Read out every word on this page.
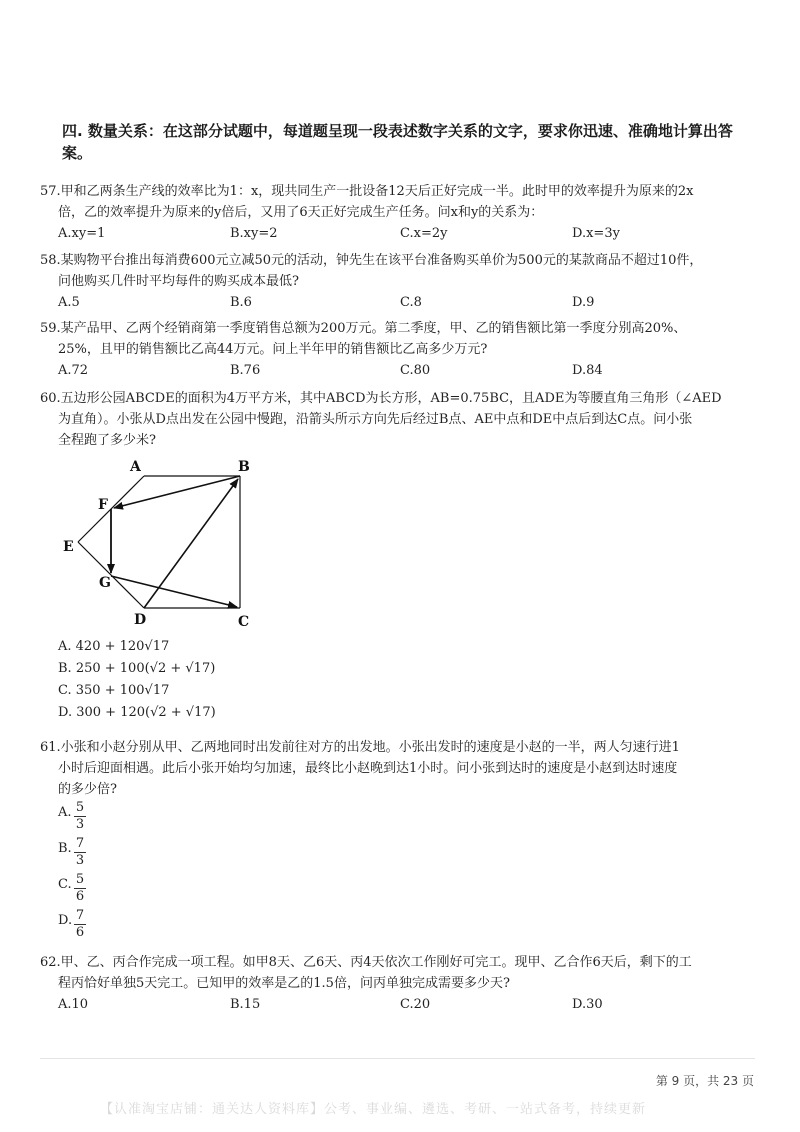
四. 数量关系：在这部分试题中，每道题呈现一段表述数字关系的文字，要求你迅速、准确地计算出答案。
57.甲和乙两条生产线的效率比为1：x，现共同生产一批设备12天后正好完成一半。此时甲的效率提升为原来的2x
倍，乙的效率提升为原来的y倍后，又用了6天正好完成生产任务。问x和y的关系为：
A.xy=1	B.xy=2	C.x=2y	D.x=3y
58.某购物平台推出每消费600元立减50元的活动，钟先生在该平台准备购买单价为500元的某款商品不超过10件，
问他购买几件时平均每件的购买成本最低?
A.5	B.6	C.8	D.9
59.某产品甲、乙两个经销商第一季度销售总额为200万元。第二季度，甲、乙的销售额比第一季度分别高20%、
25%，且甲的销售额比乙高44万元。问上半年甲的销售额比乙高多少万元?
A.72	B.76	C.80	D.84
60.五边形公园ABCDE的面积为4万平方米，其中ABCD为长方形，AB=0.75BC，且ADE为等腰直角三角形（∠AED
为直角）。小张从D点出发在公园中慢跑，沿箭头所示方向先后经过B点、AE中点和DE中点后到达C点。问小张
全程跑了多少米?
A	B
C
D
E
F
G
A. 420 + 120√17
B. 250 + 100(√2 + √17)
C. 350 + 100√17
D. 300 + 120(√2 + √17)
61.小张和小赵分别从甲、乙两地同时出发前往对方的出发地。小张出发时的速度是小赵的一半，两人匀速行进1
小时后迎面相遇。此后小张开始均匀加速，最终比小赵晚到达1小时。问小张到达时的速度是小赵到达时速度
的多少倍?
A. $\frac{5}{3}$
B. $\frac{7}{3}$
C. $\frac{5}{6}$
D. $\frac{7}{6}$
62.甲、乙、丙合作完成一项工程。如甲8天、乙6天、丙4天依次工作刚好可完工。现甲、乙合作6天后，剩下的工
程丙恰好单独5天完工。已知甲的效率是乙的1.5倍，问丙单独完成需要多少天?
A.10	B.15	C.20	D.30
第 9 页，共 23 页
【认准淘宝店铺：通关达人资料库】公考、事业编、遴选、考研、一站式备考，持续更新
